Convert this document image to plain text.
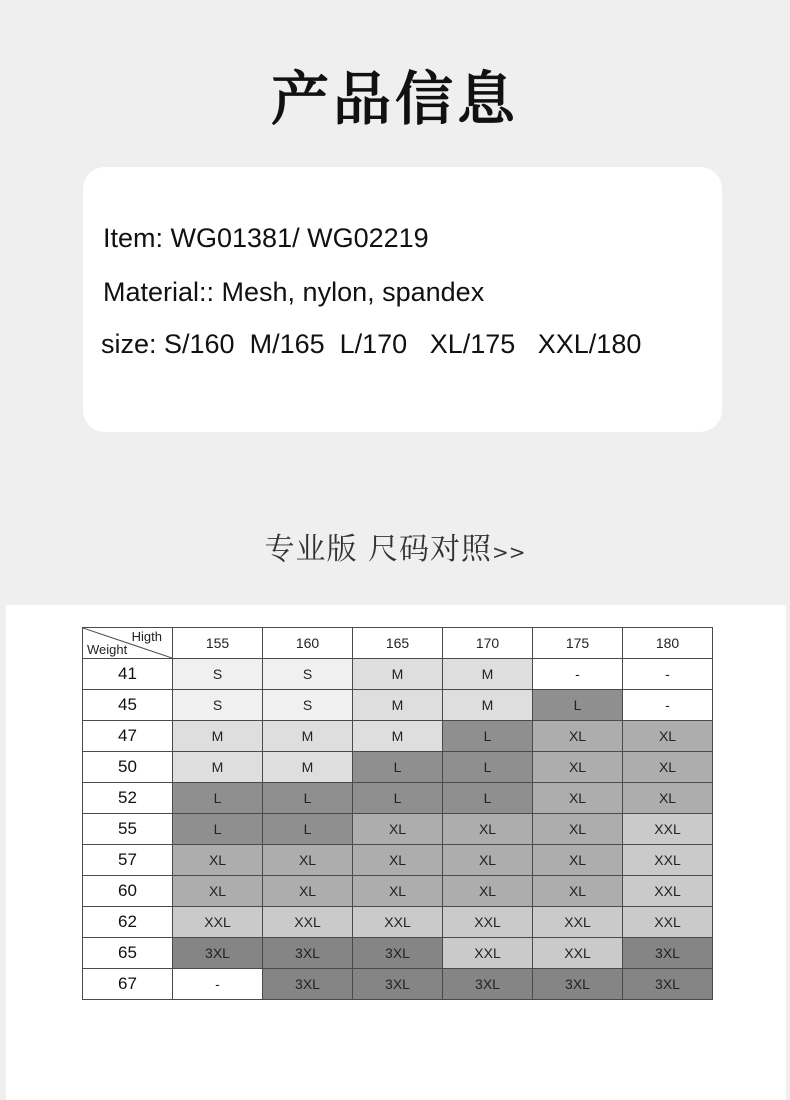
产品信息
Item: WG01381/ WG02219
Material:: Mesh, nylon, spandex
size: S/160  M/165  L/170   XL/175   XXL/180
专业版 尺码对照>>
Higth
Weight	155	160	165	170	175	180
41	S	S	M	M	-	-
45	S	S	M	M	L	-
47	M	M	M	L	XL	XL
50	M	M	L	L	XL	XL
52	L	L	L	L	XL	XL
55	L	L	XL	XL	XL	XXL
57	XL	XL	XL	XL	XL	XXL
60	XL	XL	XL	XL	XL	XXL
62	XXL	XXL	XXL	XXL	XXL	XXL
65	3XL	3XL	3XL	XXL	XXL	3XL
67	-	3XL	3XL	3XL	3XL	3XL
